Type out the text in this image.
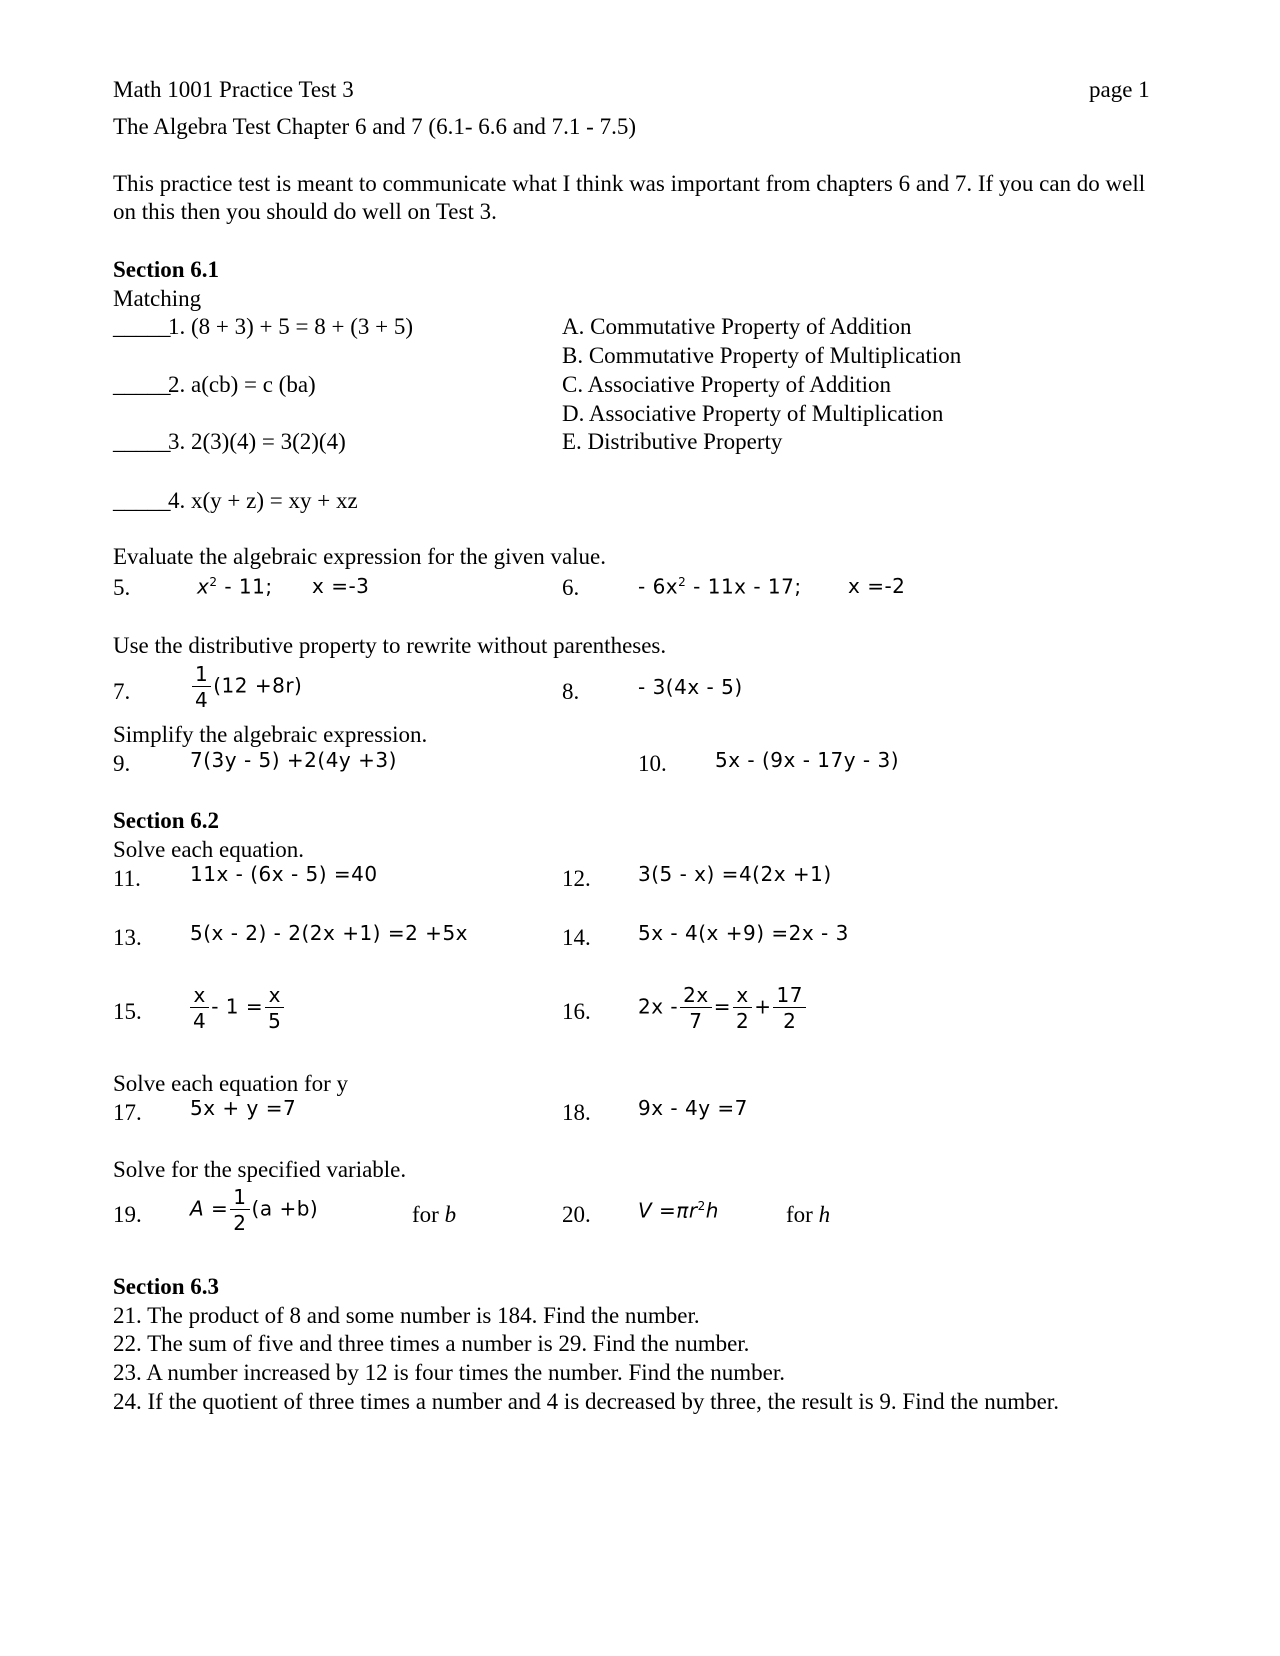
Math 1001 Practice Test 3	page 1
The Algebra Test Chapter 6 and 7 (6.1- 6.6 and 7.1 - 7.5)
This practice test is meant to communicate what I think was important from chapters 6 and 7. If you can do well on this then you should do well on Test 3.
Section 6.1
Matching
_____
1. (8 + 3) + 5 = 8 + (3 + 5)
_____
2. a(cb) = c (ba)
_____
3. 2(3)(4) = 3(2)(4)
_____
4. x(y + z) = xy + xz
A. Commutative Property of Addition
B. Commutative Property of Multiplication
C. Associative Property of Addition
D. Associative Property of Multiplication
E. Distributive Property
Evaluate the algebraic expression for the given value.
5.	$x^2 - 11$; x =-3	6.	- $6x^2 - 11x - 17$; x =-2
Use the distributive property to rewrite without parentheses.
7.	$\frac{1}{4} (12 +8r)$	8.	- 3(4x - 5)
Simplify the algebraic expression.
9.	7(3y - 5) +2(4y +3)	10. 5x - (9x - 17y - 3)
Section 6.2
Solve each equation.
11. 11x - (6x - 5) =40	12. 3(5 - x) =4(2x +1)
13. 5(x - 2) - 2(2x +1) =2 +5x	14. 5x - 4(x +9) =2x - 3
15. $\frac{x}{4} - 1 = \frac{x}{5}$	16. $2x - \frac{2x}{7} = \frac{x}{2} + \frac{17}{2}$
Solve each equation for y
17. 5x + y =7	18. 9x - 4y =7
Solve for the specified variable.
19. $A = \frac{1}{2} (a +b)$	for b	20. $V =\pi r^2h$	for h
Section 6.3
21. The product of 8 and some number is 184. Find the number.
22. The sum of five and three times a number is 29. Find the number.
23. A number increased by 12 is four times the number. Find the number.
24. If the quotient of three times a number and 4 is decreased by three, the result is 9. Find the number.
